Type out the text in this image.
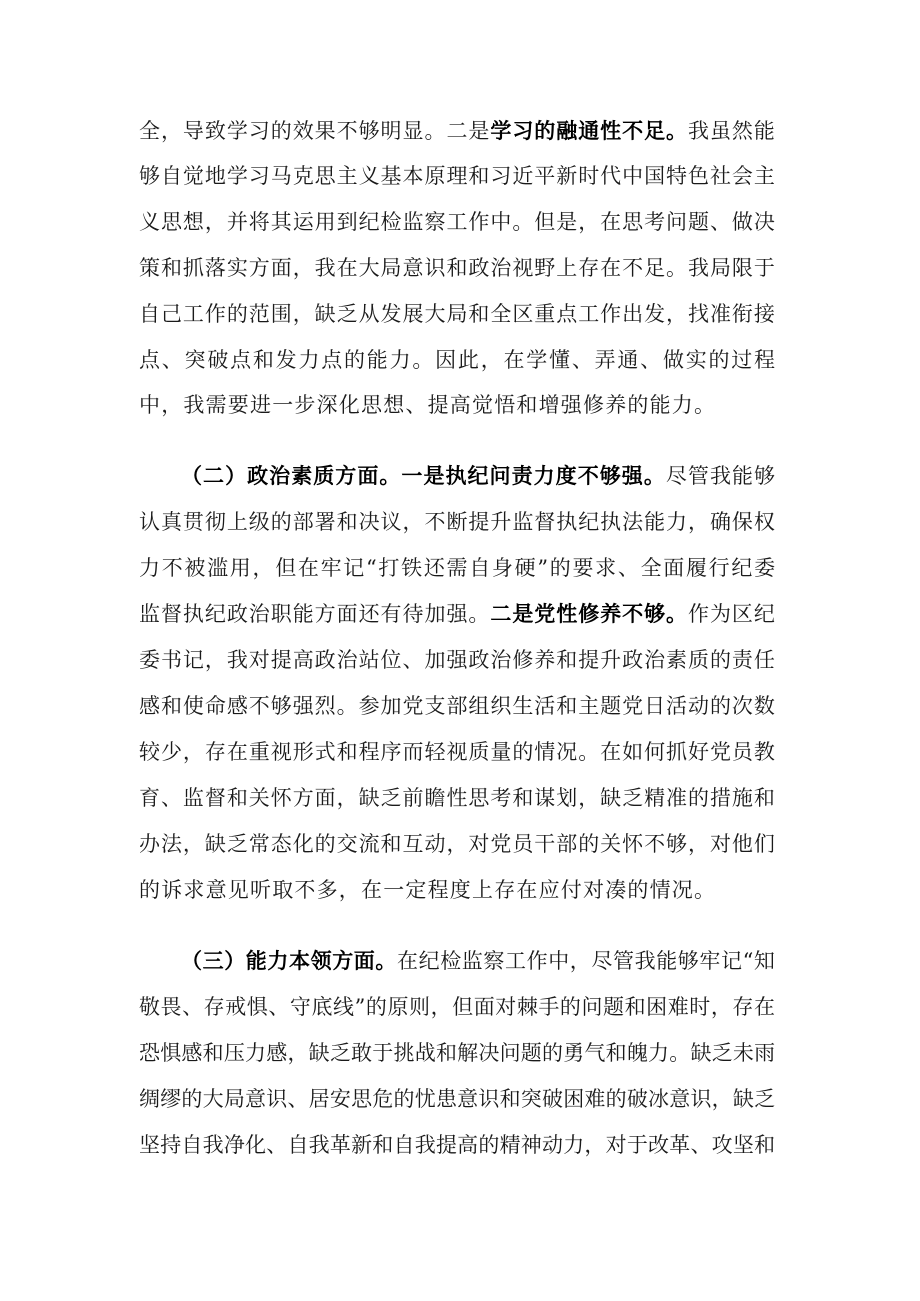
全，导致学习的效果不够明显。二是学习的融通性不足。我虽然能
够自觉地学习马克思主义基本原理和习近平新时代中国特色社会主
义思想，并将其运用到纪检监察工作中。但是，在思考问题、做决
策和抓落实方面，我在大局意识和政治视野上存在不足。我局限于
自己工作的范围，缺乏从发展大局和全区重点工作出发，找准衔接
点、突破点和发力点的能力。因此，在学懂、弄通、做实的过程
中，我需要进一步深化思想、提高觉悟和增强修养的能力。
（二）政治素质方面。一是执纪问责力度不够强。尽管我能够
认真贯彻上级的部署和决议，不断提升监督执纪执法能力，确保权
力不被滥用，但在牢记“打铁还需自身硬”的要求、全面履行纪委
监督执纪政治职能方面还有待加强。二是党性修养不够。作为区纪
委书记，我对提高政治站位、加强政治修养和提升政治素质的责任
感和使命感不够强烈。参加党支部组织生活和主题党日活动的次数
较少，存在重视形式和程序而轻视质量的情况。在如何抓好党员教
育、监督和关怀方面，缺乏前瞻性思考和谋划，缺乏精准的措施和
办法，缺乏常态化的交流和互动，对党员干部的关怀不够，对他们
的诉求意见听取不多，在一定程度上存在应付对凑的情况。
（三）能力本领方面。在纪检监察工作中，尽管我能够牢记“知
敬畏、存戒惧、守底线”的原则，但面对棘手的问题和困难时，存在
恐惧感和压力感，缺乏敢于挑战和解决问题的勇气和魄力。缺乏未雨
绸缪的大局意识、居安思危的忧患意识和突破困难的破冰意识，缺乏
坚持自我净化、自我革新和自我提高的精神动力，对于改革、攻坚和
